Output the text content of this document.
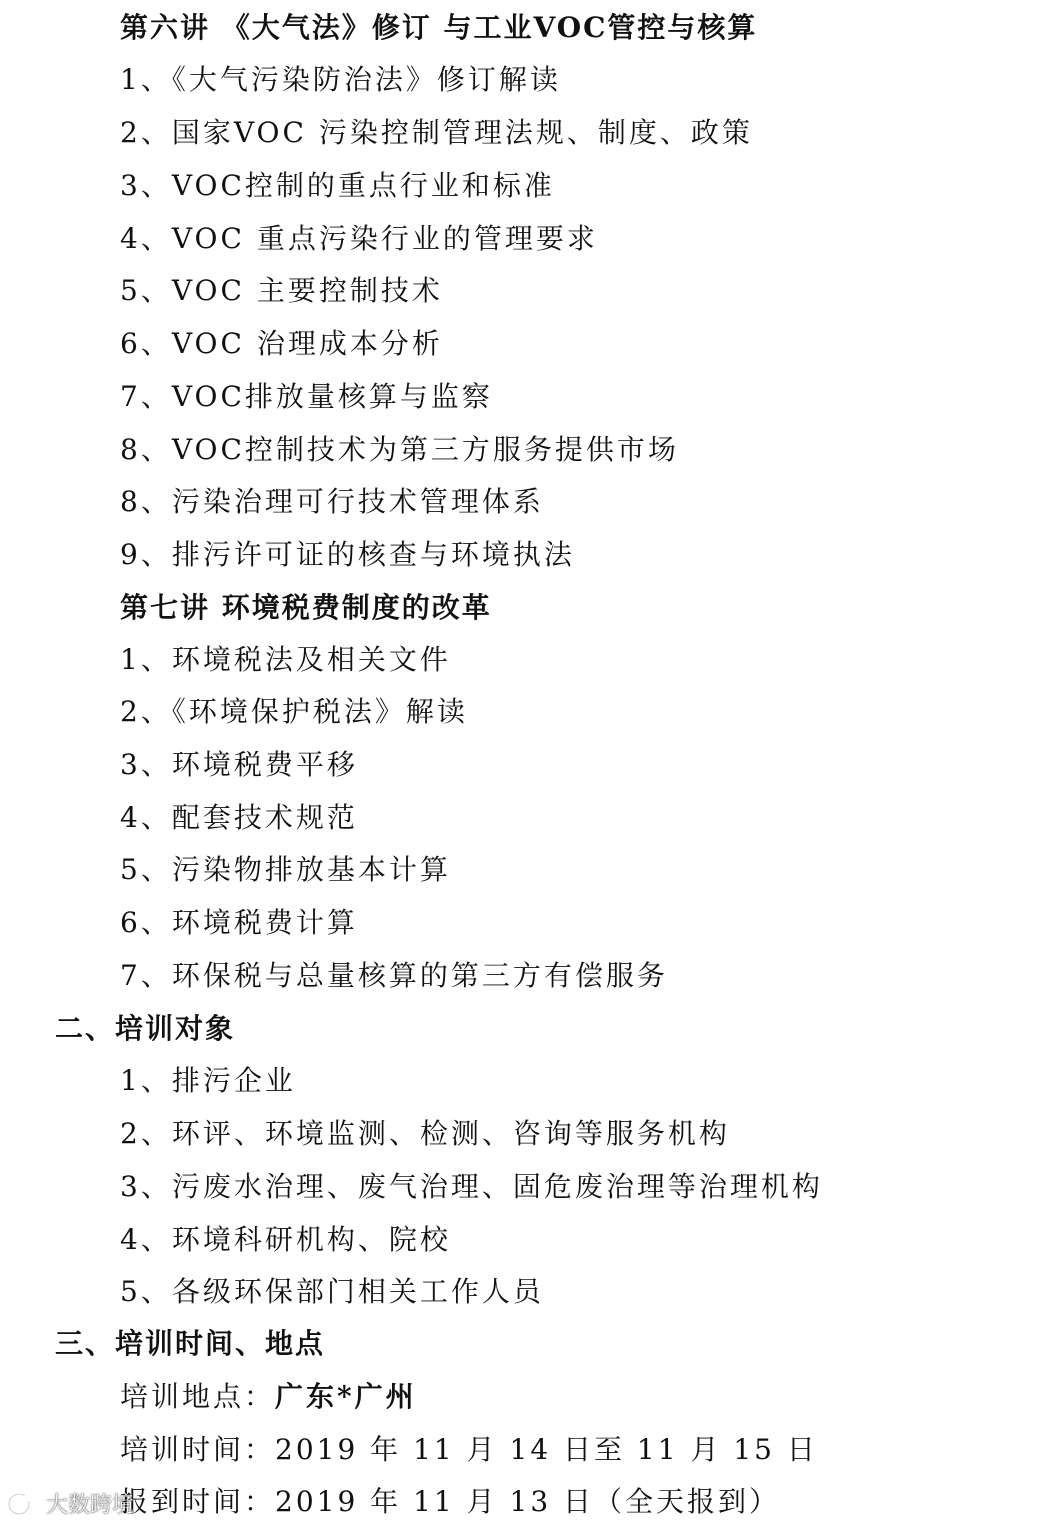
第六讲 《大气法》修订 与工业VOC管控与核算
1、《大气污染防治法》修订解读
2、国家VOC 污染控制管理法规、制度、政策
3、VOC控制的重点行业和标准
4、VOC 重点污染行业的管理要求
5、VOC 主要控制技术
6、VOC 治理成本分析
7、VOC排放量核算与监察
8、VOC控制技术为第三方服务提供市场
8、污染治理可行技术管理体系
9、排污许可证的核查与环境执法
第七讲 环境税费制度的改革
1、环境税法及相关文件
2、《环境保护税法》解读
3、环境税费平移
4、配套技术规范
5、污染物排放基本计算
6、环境税费计算
7、环保税与总量核算的第三方有偿服务
二、培训对象
1、排污企业
2、环评、环境监测、检测、咨询等服务机构
3、污废水治理、废气治理、固危废治理等治理机构
4、环境科研机构、院校
5、各级环保部门相关工作人员
三、培训时间、地点
培训地点：广东*广州
培训时间：2019 年 11 月 14 日至 11 月 15 日
报到时间：2019 年 11 月 13 日（全天报到）
大数跨境
